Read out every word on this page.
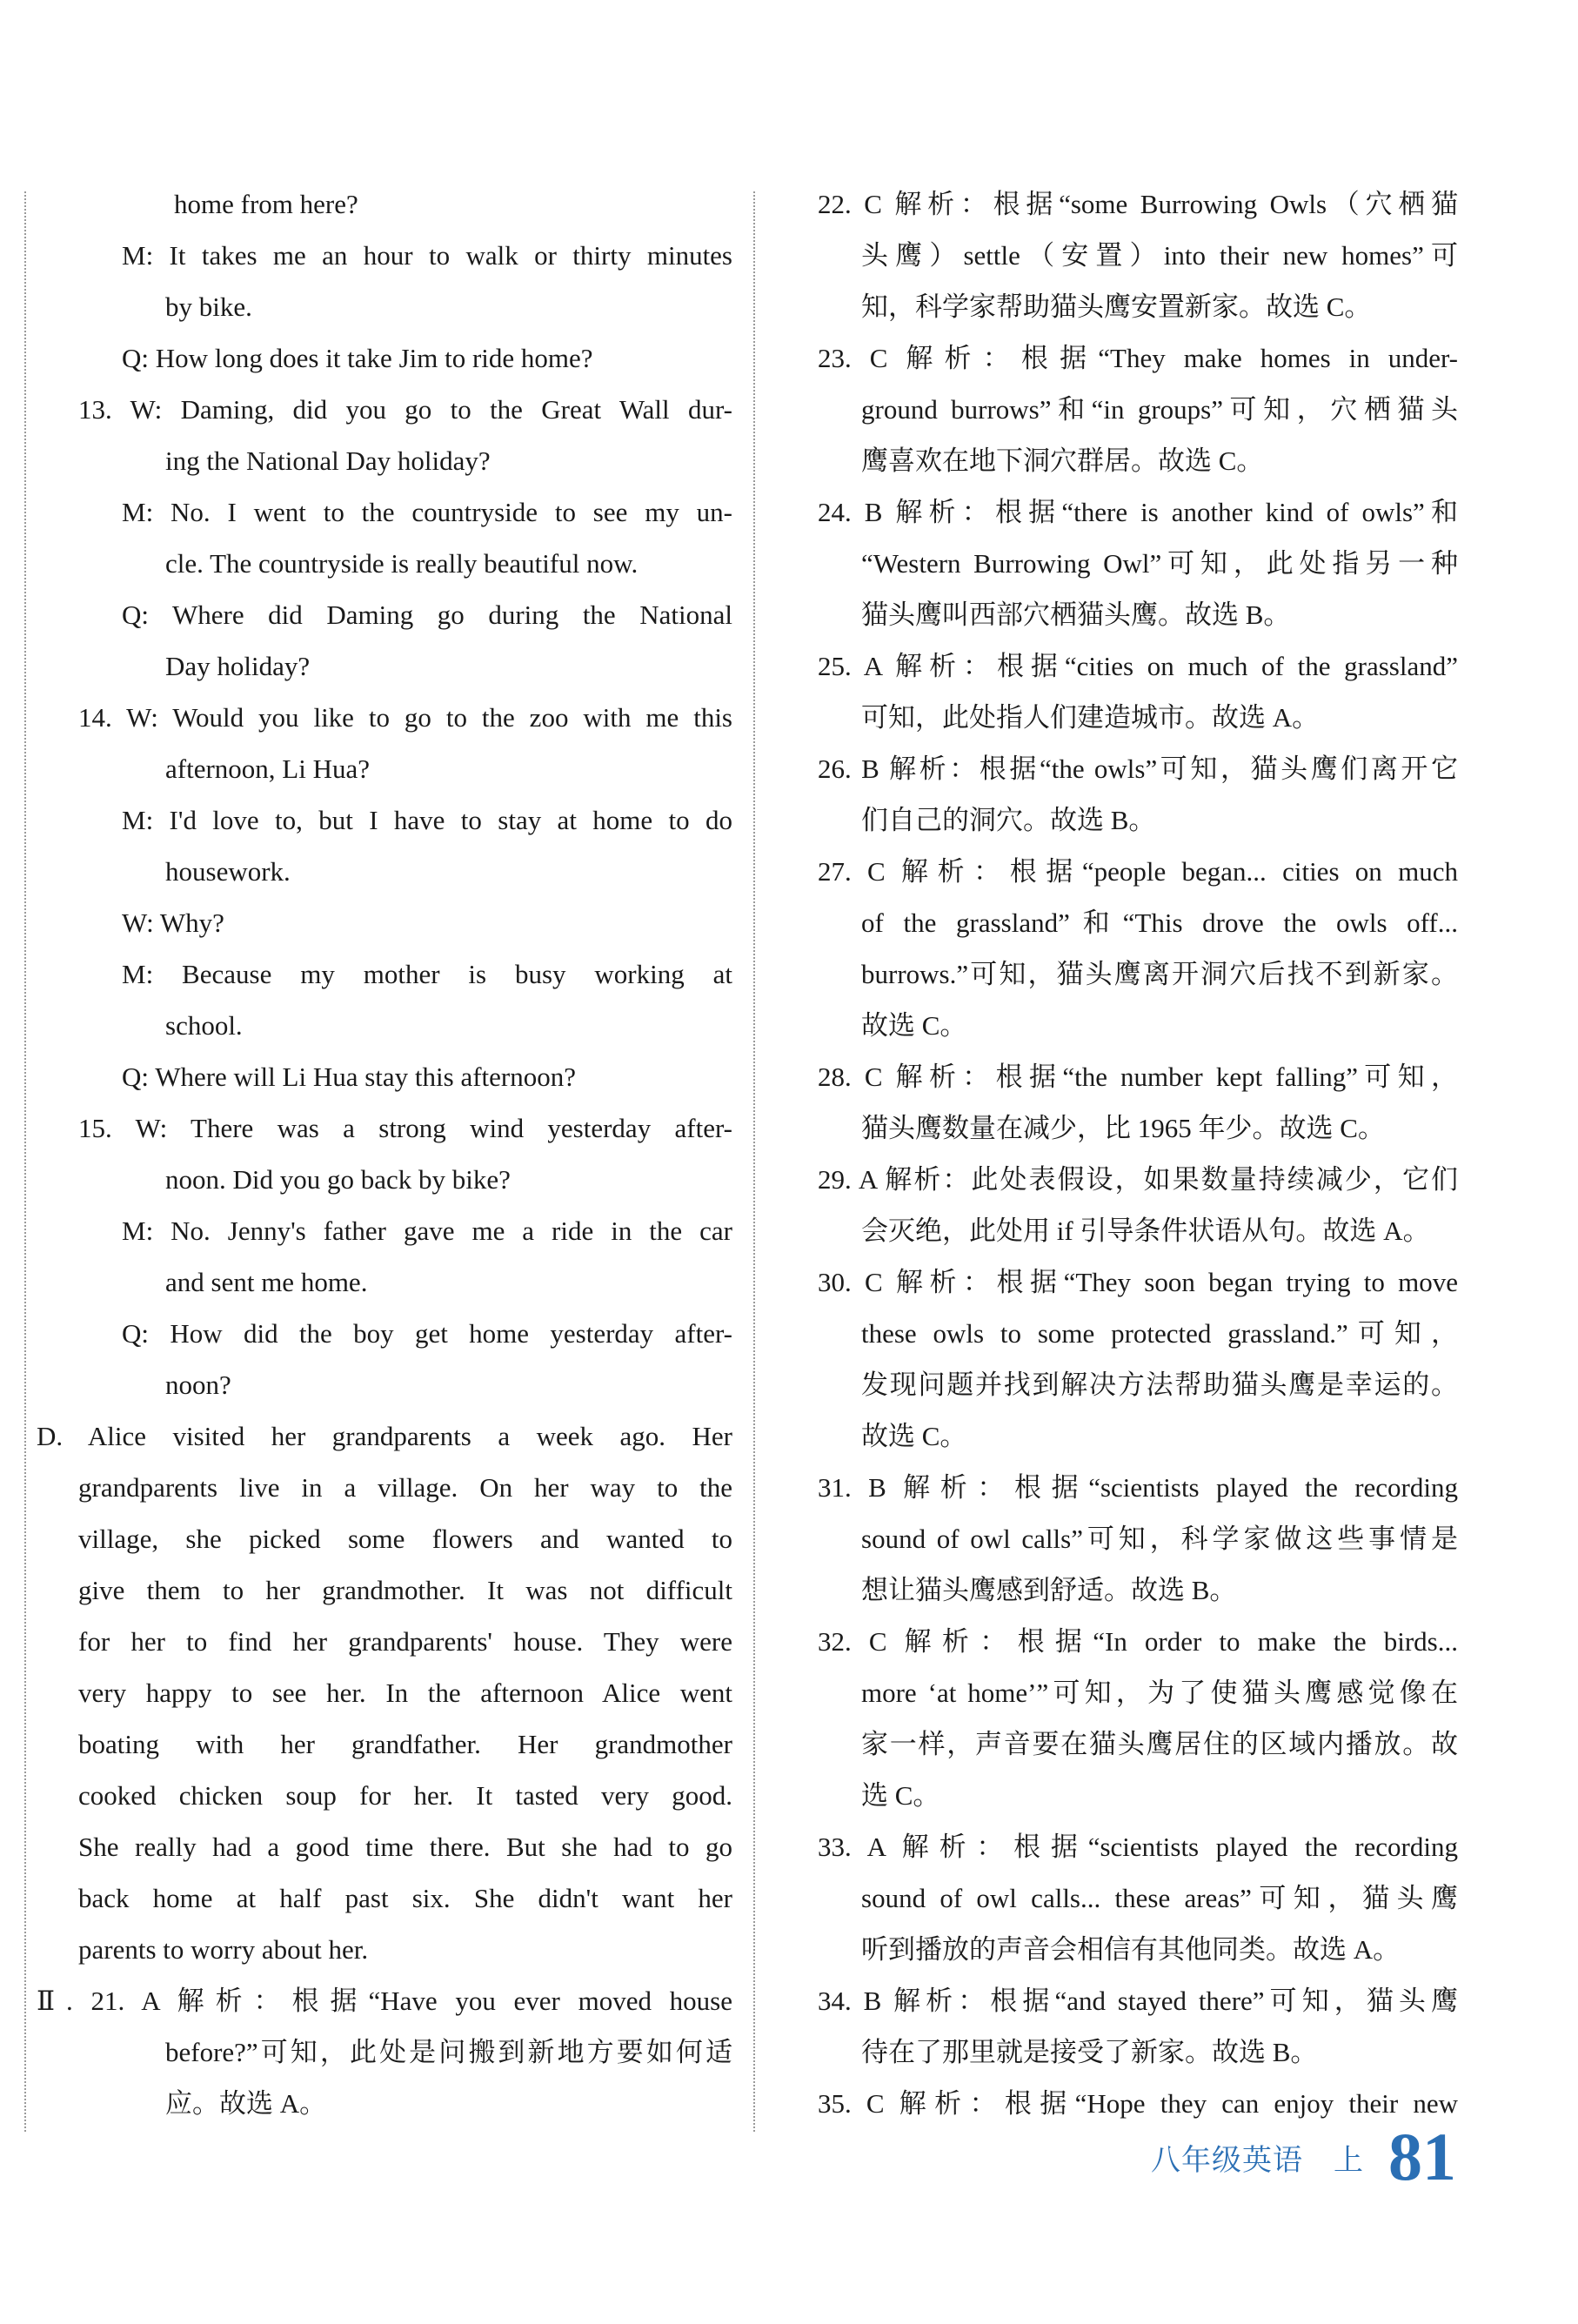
home from here?
M: It takes me an hour to walk or thirty minutes
by bike.
Q: How long does it take Jim to ride home?
13. W: Daming, did you go to the Great Wall dur-
ing the National Day holiday?
M: No. I went to the countryside to see my un-
cle. The countryside is really beautiful now.
Q: Where did Daming go during the National
Day holiday?
14. W: Would you like to go to the zoo with me this
afternoon, Li Hua?
M: I'd love to, but I have to stay at home to do
housework.
W: Why?
M: Because my mother is busy working at
school.
Q: Where will Li Hua stay this afternoon?
15. W: There was a strong wind yesterday after-
noon. Did you go back by bike?
M: No. Jenny's father gave me a ride in the car
and sent me home.
Q: How did the boy get home yesterday after-
noon?
D. Alice visited her grandparents a week ago. Her
grandparents live in a village. On her way to the
village, she picked some flowers and wanted to
give them to her grandmother. It was not difficult
for her to find her grandparents' house. They were
very happy to see her. In the afternoon Alice went
boating with her grandfather. Her grandmother
cooked chicken soup for her. It tasted very good.
She really had a good time there. But she had to go
back home at half past six. She didn't want her
parents to worry about her.
Ⅱ. 21. A 解析：根据“Have you ever moved house
before?”可知，此处是问搬到新地方要如何适
应。故选 A。
22. C 解析：根据“some Burrowing Owls（穴栖猫
头鹰）settle（安置）into their new homes”可
知，科学家帮助猫头鹰安置新家。故选 C。
23. C 解析：根据“They make homes in under-
ground burrows”和“in groups”可知，穴栖猫头
鹰喜欢在地下洞穴群居。故选 C。
24. B 解析：根据“there is another kind of owls”和
“Western Burrowing Owl”可知，此处指另一种
猫头鹰叫西部穴栖猫头鹰。故选 B。
25. A 解析：根据“cities on much of the grassland”
可知，此处指人们建造城市。故选 A。
26. B 解析：根据“the owls”可知，猫头鹰们离开它
们自己的洞穴。故选 B。
27. C 解析：根据“people began... cities on much
of the grassland”和“This drove the owls off...
burrows.”可知，猫头鹰离开洞穴后找不到新家。
故选 C。
28. C 解析：根据“the number kept falling”可知，
猫头鹰数量在减少，比 1965 年少。故选 C。
29. A 解析：此处表假设，如果数量持续减少，它们
会灭绝，此处用 if 引导条件状语从句。故选 A。
30. C 解析：根据“They soon began trying to move
these owls to some protected grassland.”可知，
发现问题并找到解决方法帮助猫头鹰是幸运的。
故选 C。
31. B 解析：根据“scientists played the recording
sound of owl calls”可知，科学家做这些事情是
想让猫头鹰感到舒适。故选 B。
32. C 解析：根据“In order to make the birds...
more ‘at home’”可知，为了使猫头鹰感觉像在
家一样，声音要在猫头鹰居住的区域内播放。故
选 C。
33. A 解析：根据“scientists played the recording
sound of owl calls... these areas”可知，猫头鹰
听到播放的声音会相信有其他同类。故选 A。
34. B 解析：根据“and stayed there”可知，猫头鹰
待在了那里就是接受了新家。故选 B。
35. C 解析：根据“Hope they can enjoy their new
八年级英语　上 81
